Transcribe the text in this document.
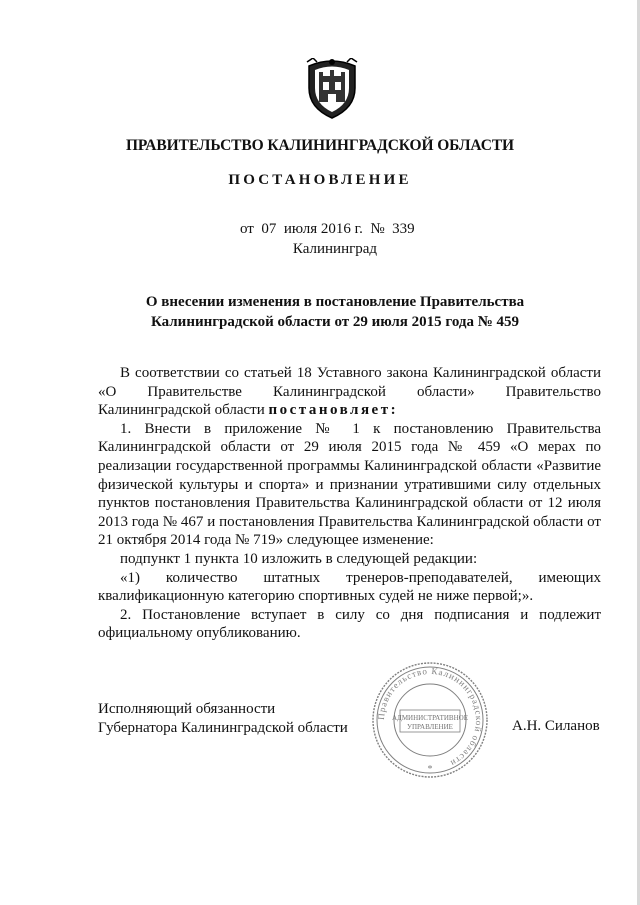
ПРАВИТЕЛЬСТВО КАЛИНИНГРАДСКОЙ ОБЛАСТИ
ПОСТАНОВЛЕНИЕ
от 07  июля 2016 г. № 339
Калининград
О внесении изменения в постановление Правительства
Калининградской области от 29 июля 2015 года № 459

В соответствии со статьей 18 Уставного закона Калининградской области «О Правительстве Калининградской области» Правительство Калининградской области постановляет:

1. Внести в приложение № 1 к постановлению Правительства Калининградской области от 29 июля 2015 года № 459 «О мерах по реализации государственной программы Калининградской области «Развитие физической культуры и спорта» и признании утратившими силу отдельных пунктов постановления Правительства Калининградской области от 12 июля 2013 года № 467 и постановления Правительства Калининградской области от 21 октября 2014 года № 719» следующее изменение:

подпункт 1 пункта 10 изложить в следующей редакции:

«1) количество штатных тренеров-преподавателей, имеющих квалификационную категорию спортивных судей не ниже первой;».

2. Постановление вступает в силу со дня подписания и подлежит официальному опубликованию.

Исполняющий обязанности
Губернатора Калининградской области
Правительство Калининградской области
АДМИНИСТРАТИВНОЕ
УПРАВЛЕНИЕ
*
А.Н. Силанов
